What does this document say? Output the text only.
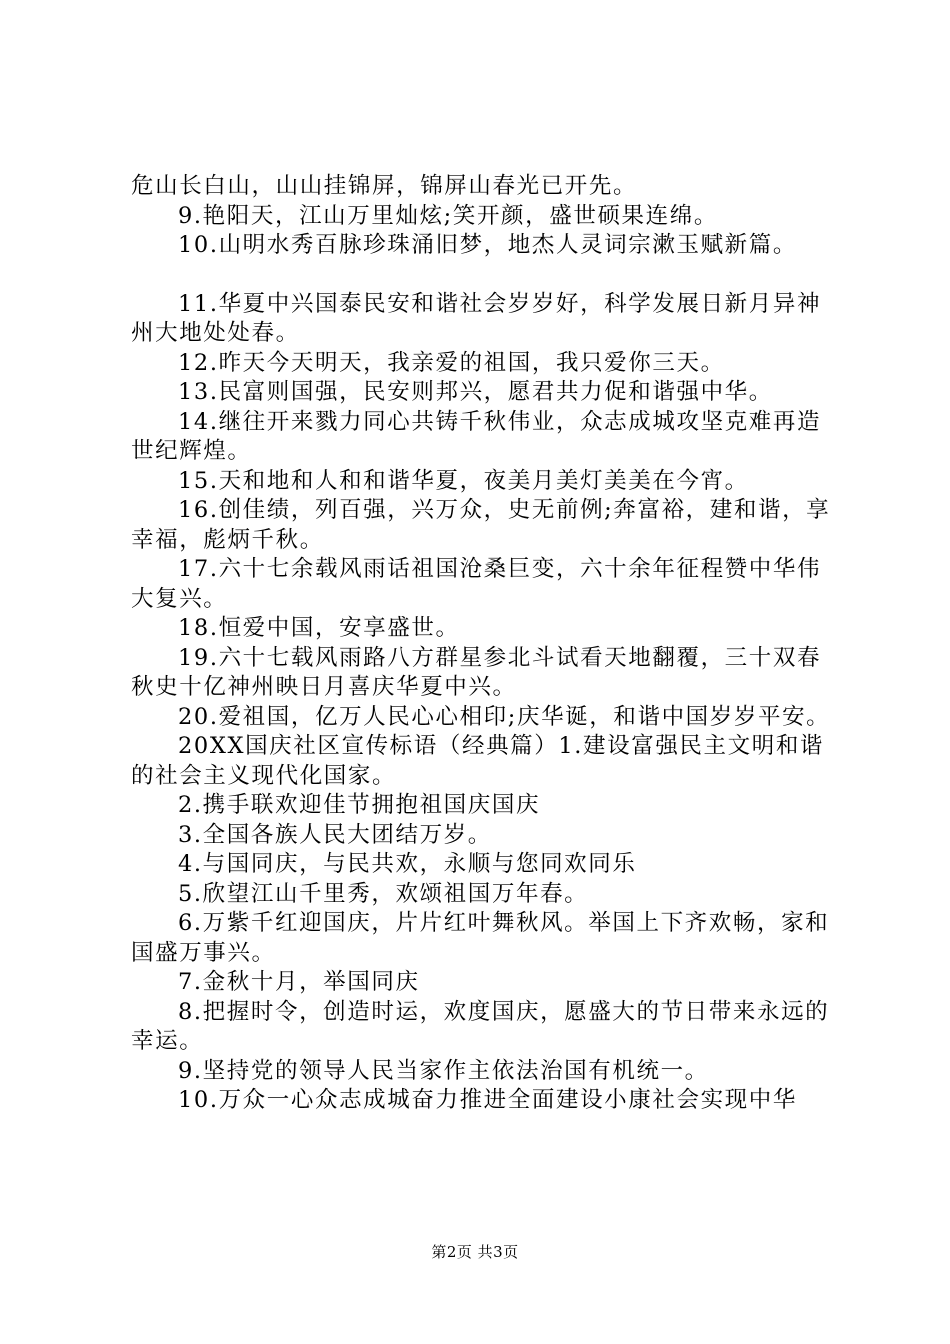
危山长白山，山山挂锦屏，锦屏山春光已开先。

9.艳阳天，江山万里灿炫;笑开颜，盛世硕果连绵。

10.山明水秀百脉珍珠涌旧梦，地杰人灵词宗漱玉赋新篇。

11.华夏中兴国泰民安和谐社会岁岁好，科学发展日新月异神州大地处处春。

12.昨天今天明天，我亲爱的祖国，我只爱你三天。

13.民富则国强，民安则邦兴，愿君共力促和谐强中华。

14.继往开来戮力同心共铸千秋伟业，众志成城攻坚克难再造世纪辉煌。

15.天和地和人和和谐华夏，夜美月美灯美美在今宵。

16.创佳绩，列百强，兴万众，史无前例;奔富裕，建和谐，享幸福，彪炳千秋。

17.六十七余载风雨话祖国沧桑巨变，六十余年征程赞中华伟大复兴。

18.恒爱中国，安享盛世。

19.六十七载风雨路八方群星参北斗试看天地翻覆，三十双春秋史十亿神州映日月喜庆华夏中兴。

20.爱祖国，亿万人民心心相印;庆华诞，和谐中国岁岁平安。

20XX国庆社区宣传标语（经典篇）1.建设富强民主文明和谐的社会主义现代化国家。

2.携手联欢迎佳节拥抱祖国庆国庆

3.全国各族人民大团结万岁。

4.与国同庆，与民共欢，永顺与您同欢同乐

5.欣望江山千里秀，欢颂祖国万年春。

6.万紫千红迎国庆，片片红叶舞秋风。举国上下齐欢畅，家和国盛万事兴。

7.金秋十月，举国同庆

8.把握时令，创造时运，欢度国庆，愿盛大的节日带来永远的幸运。

9.坚持党的领导人民当家作主依法治国有机统一。

10.万众一心众志成城奋力推进全面建设小康社会实现中华

第2页 共3页
